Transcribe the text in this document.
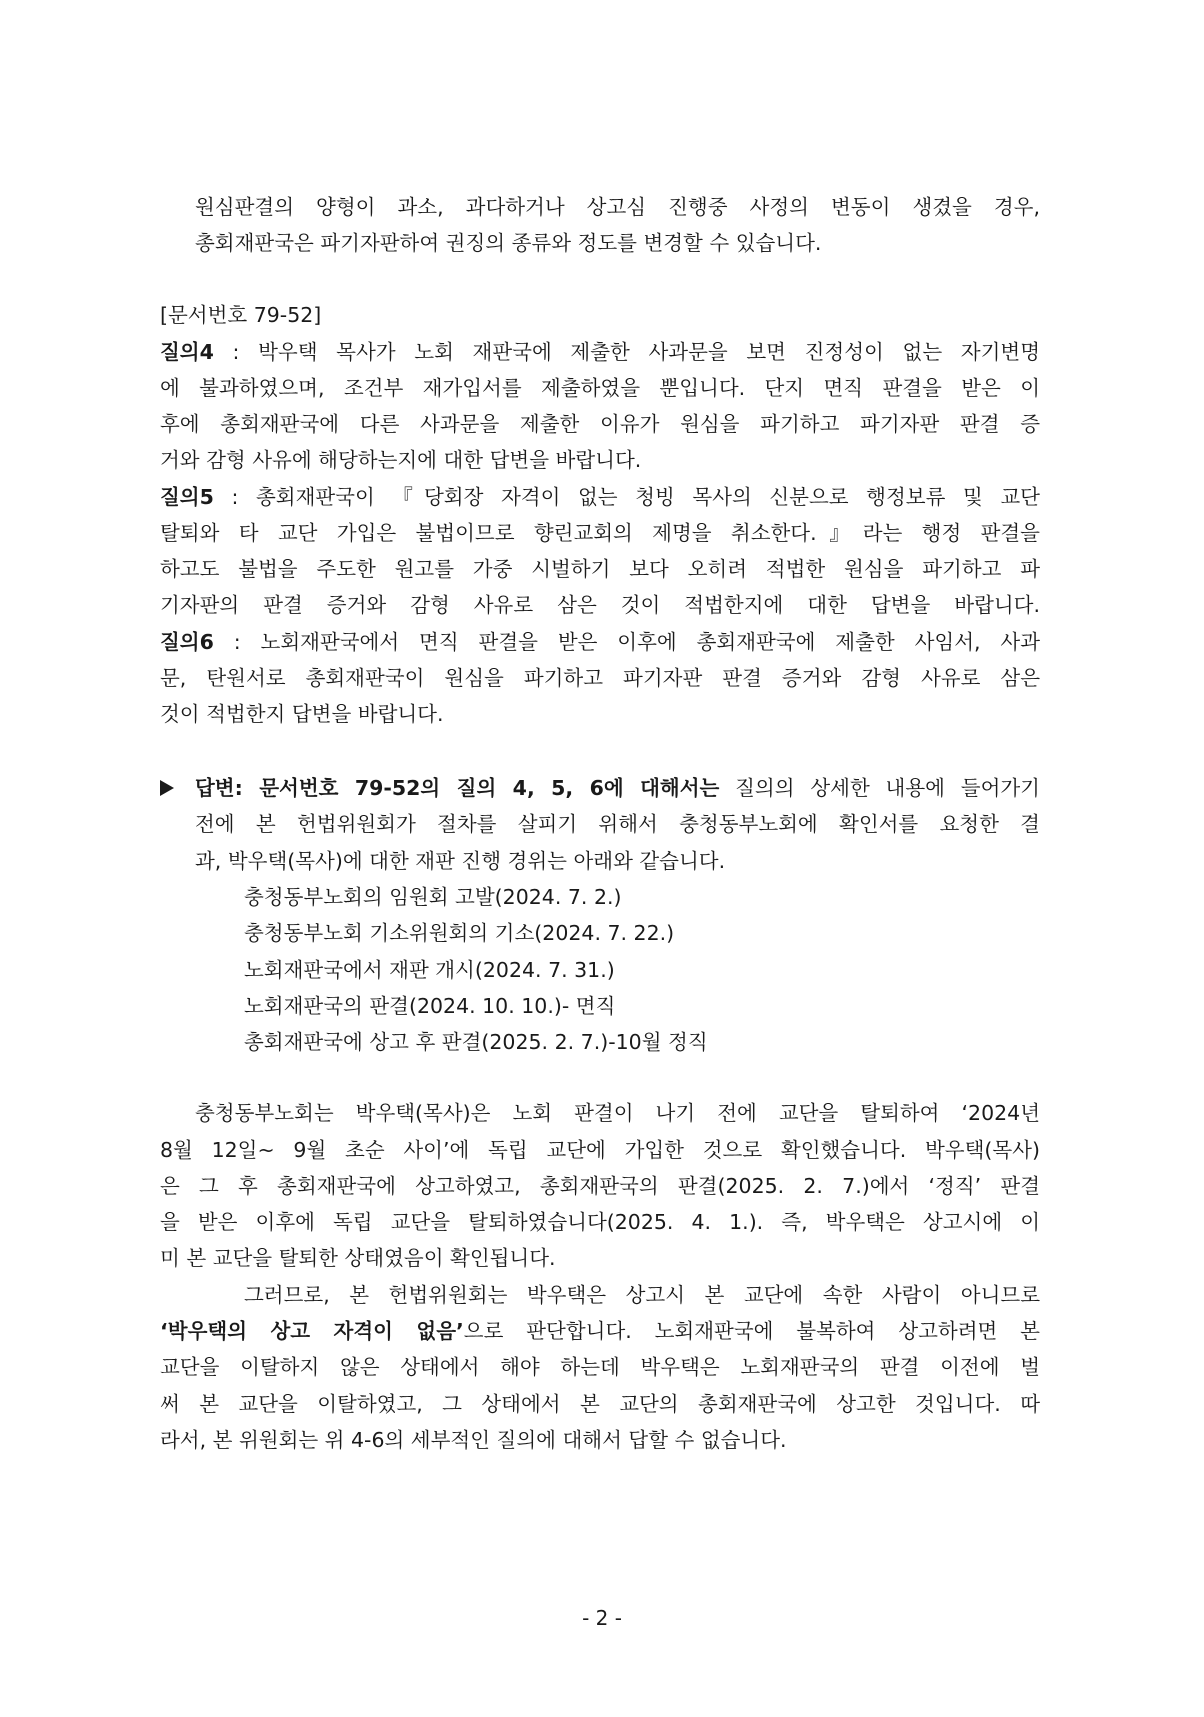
원심판결의 양형이 과소, 과다하거나 상고심 진행중 사정의 변동이 생겼을 경우,
총회재판국은 파기자판하여 권징의 종류와 정도를 변경할 수 있습니다.
[문서번호 79-52]
질의4 : 박우택 목사가 노회 재판국에 제출한 사과문을 보면 진정성이 없는 자기변명
에 불과하였으며, 조건부 재가입서를 제출하였을 뿐입니다. 단지 면직 판결을 받은 이
후에 총회재판국에 다른 사과문을 제출한 이유가 원심을 파기하고 파기자판 판결 증
거와 감형 사유에 해당하는지에 대한 답변을 바랍니다.
질의5 : 총회재판국이 『당회장 자격이 없는 청빙 목사의 신분으로 행정보류 및 교단
탈퇴와 타 교단 가입은 불법이므로 향린교회의 제명을 취소한다.』라는 행정 판결을
하고도 불법을 주도한 원고를 가중 시벌하기 보다 오히려 적법한 원심을 파기하고 파
기자판의 판결 증거와 감형 사유로 삼은 것이 적법한지에 대한 답변을 바랍니다.
질의6 : 노회재판국에서 면직 판결을 받은 이후에 총회재판국에 제출한 사임서, 사과
문, 탄원서로 총회재판국이 원심을 파기하고 파기자판 판결 증거와 감형 사유로 삼은
것이 적법한지 답변을 바랍니다.
답변: 문서번호 79-52의 질의 4, 5, 6에 대해서는 질의의 상세한 내용에 들어가기
전에 본 헌법위원회가 절차를 살피기 위해서 충청동부노회에 확인서를 요청한 결
과, 박우택(목사)에 대한 재판 진행 경위는 아래와 같습니다.
충청동부노회의 임원회 고발(2024. 7. 2.)
충청동부노회 기소위원회의 기소(2024. 7. 22.)
노회재판국에서 재판 개시(2024. 7. 31.)
노회재판국의 판결(2024. 10. 10.)- 면직
총회재판국에 상고 후 판결(2025. 2. 7.)-10월 정직
충청동부노회는 박우택(목사)은 노회 판결이 나기 전에 교단을 탈퇴하여 ‘2024년
8월 12일~ 9월 초순 사이’에 독립 교단에 가입한 것으로 확인했습니다. 박우택(목사)
은 그 후 총회재판국에 상고하였고, 총회재판국의 판결(2025. 2. 7.)에서 ‘정직’ 판결
을 받은 이후에 독립 교단을 탈퇴하였습니다(2025. 4. 1.). 즉, 박우택은 상고시에 이
미 본 교단을 탈퇴한 상태였음이 확인됩니다.
그러므로, 본 헌법위원회는 박우택은 상고시 본 교단에 속한 사람이 아니므로
‘박우택의 상고 자격이 없음’으로 판단합니다. 노회재판국에 불복하여 상고하려면 본
교단을 이탈하지 않은 상태에서 해야 하는데 박우택은 노회재판국의 판결 이전에 벌
써 본 교단을 이탈하였고, 그 상태에서 본 교단의 총회재판국에 상고한 것입니다. 따
라서, 본 위원회는 위 4-6의 세부적인 질의에 대해서 답할 수 없습니다.
- 2 -
